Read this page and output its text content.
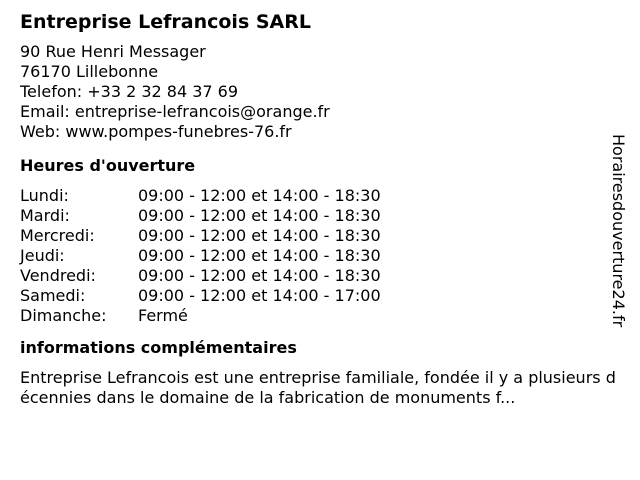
Entreprise Lefrancois SARL
90 Rue Henri Messager
76170 Lillebonne
Telefon: +33 2 32 84 37 69
Email: entreprise-lefrancois@orange.fr
Web: www.pompes-funebres-76.fr
Heures d'ouverture
Lundi:	09:00 - 12:00 et 14:00 - 18:30
Mardi:	09:00 - 12:00 et 14:00 - 18:30
Mercredi:	09:00 - 12:00 et 14:00 - 18:30
Jeudi:	09:00 - 12:00 et 14:00 - 18:30
Vendredi:	09:00 - 12:00 et 14:00 - 18:30
Samedi:	09:00 - 12:00 et 14:00 - 17:00
Dimanche:	Fermé
informations complémentaires
Entreprise Lefrancois est une entreprise familiale, fondée il y a plusieurs décennies dans le domaine de la fabrication de monuments f...
Horairesdouverture24.fr
